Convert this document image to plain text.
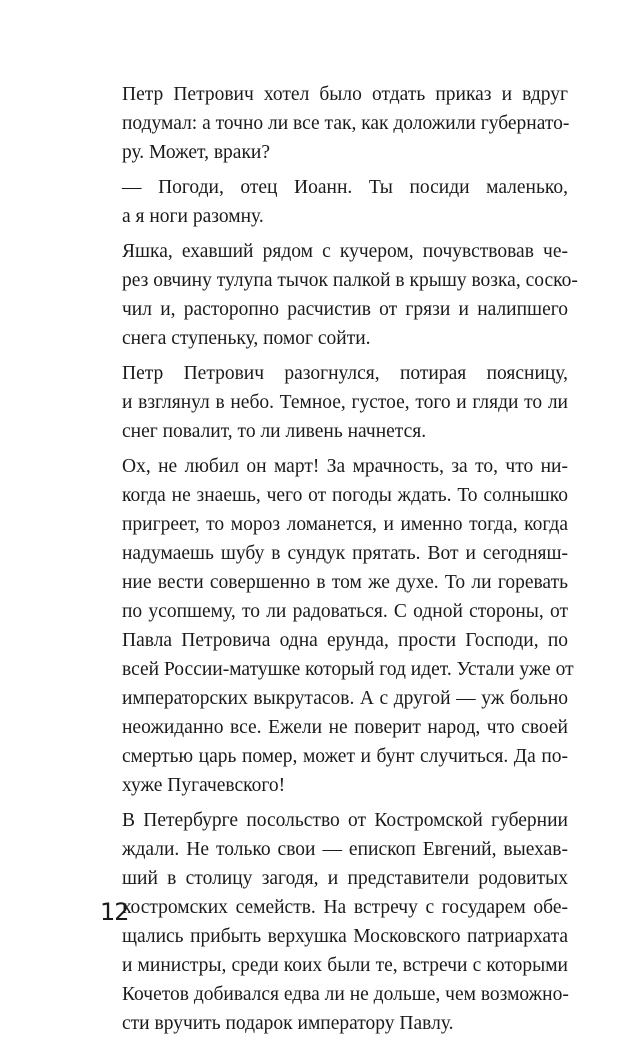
Петр Петрович хотел было отдать приказ и вдруг
подумал: а точно ли все так, как доложили губернато-
ру. Может, враки?

— Погоди, отец Иоанн. Ты посиди маленько,
а я ноги разомну.

Яшка, ехавший рядом с кучером, почувствовав че-
рез овчину тулупа тычок палкой в крышу возка, соско-
чил и, расторопно расчистив от грязи и налипшего
снега ступеньку, помог сойти.

Петр Петрович разогнулся, потирая поясницу,
и взглянул в небо. Темное, густое, того и гляди то ли
снег повалит, то ли ливень начнется.

Ох, не любил он март! За мрачность, за то, что ни-
когда не знаешь, чего от погоды ждать. То солнышко
пригреет, то мороз ломанется, и именно тогда, когда
надумаешь шубу в сундук прятать. Вот и сегодняш-
ние вести совершенно в том же духе. То ли горевать
по усопшему, то ли радоваться. С одной стороны, от
Павла Петровича одна ерунда, прости Господи, по
всей России-матушке который год идет. Устали уже от
императорских выкрутасов. А с другой — уж больно
неожиданно все. Ежели не поверит народ, что своей
смертью царь помер, может и бунт случиться. Да по-
хуже Пугачевского!

В Петербурге посольство от Костромской губернии
ждали. Не только свои — епископ Евгений, выехав-
ший в столицу загодя, и представители родовитых
костромских семейств. На встречу с государем обе-
щались прибыть верхушка Московского патриархата
и министры, среди коих были те, встречи с которыми
Кочетов добивался едва ли не дольше, чем возможно-
сти вручить подарок императору Павлу.

12
